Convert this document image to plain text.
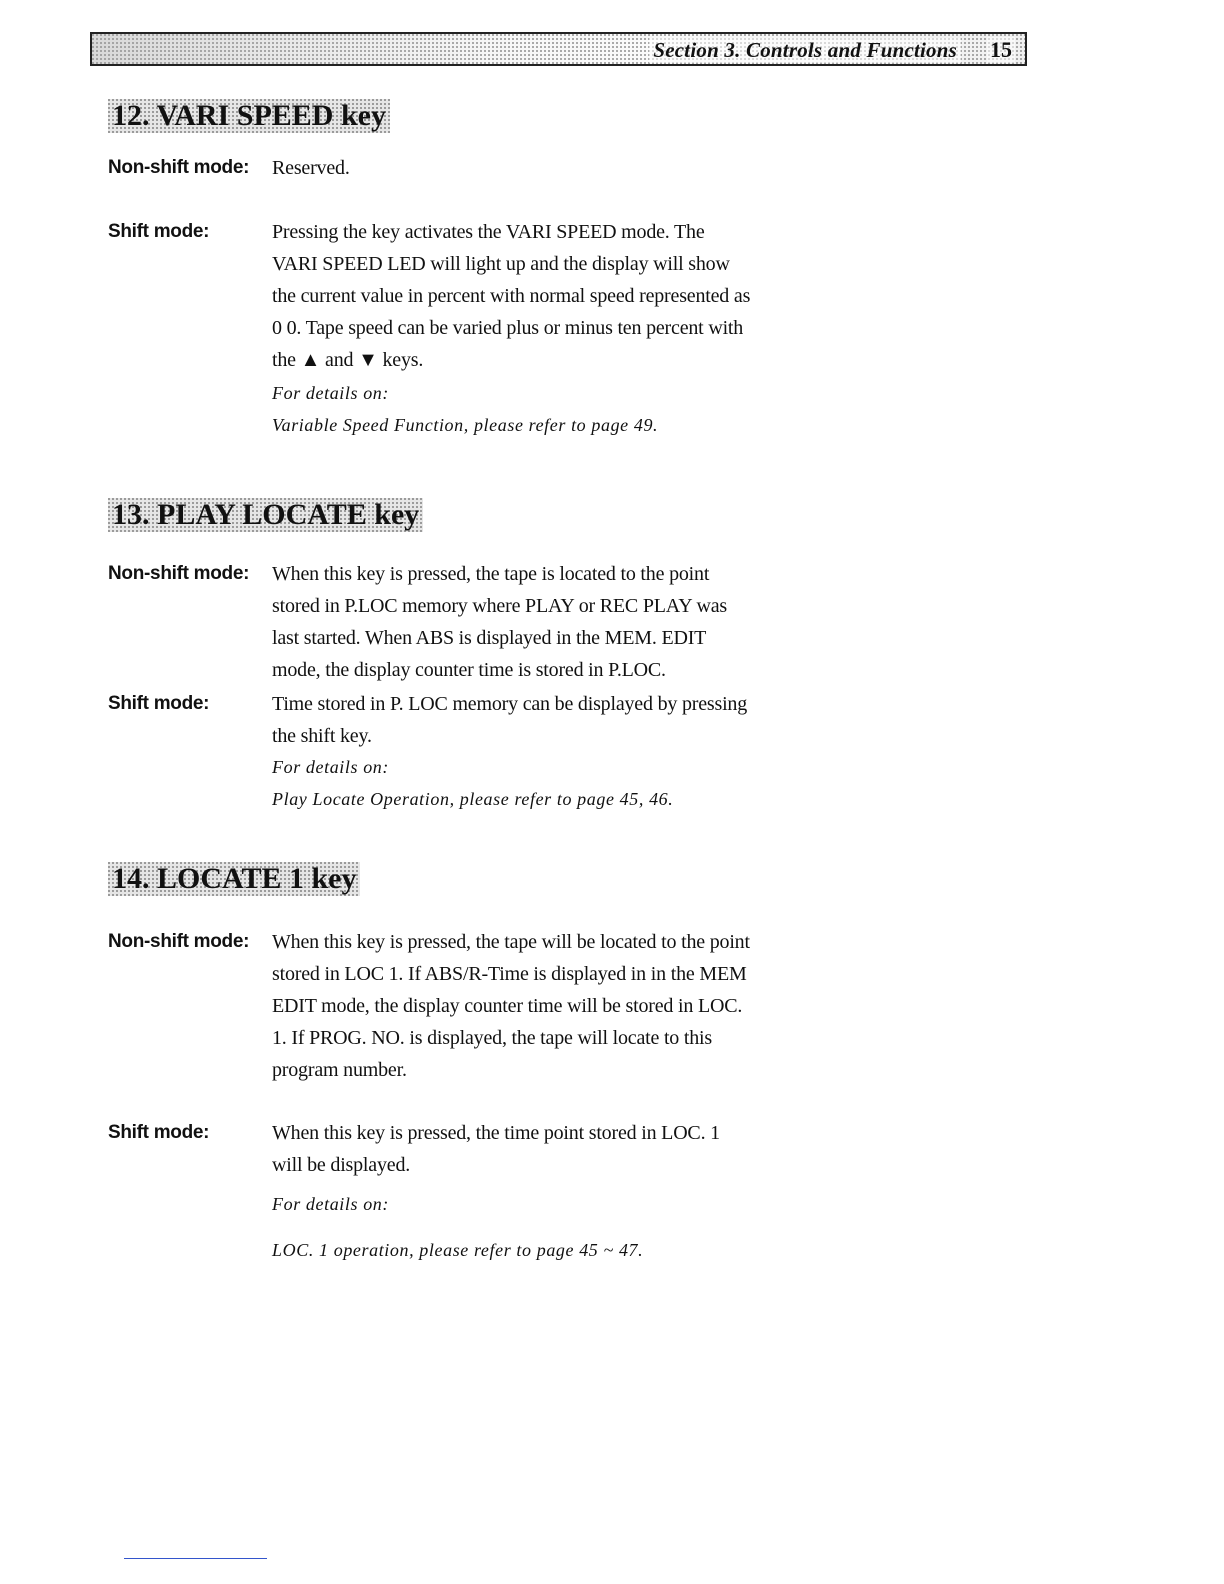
Section 3. Controls and Functions 15
12. VARI SPEED key
Non-shift mode: Reserved.

Shift mode:	Pressing the key activates the VARI SPEED mode. The VARI SPEED LED will light up and the display will show the current value in percent with normal speed represented as 0 0. Tape speed can be varied plus or minus ten percent with the ▲ and ▼ keys.

For details on:
Variable Speed Function, please refer to page 49.
13. PLAY LOCATE key
Non-shift mode: When this key is pressed, the tape is located to the point stored in P.LOC memory where PLAY or REC PLAY was last started. When ABS is displayed in the MEM. EDIT mode, the display counter time is stored in P.LOC.

Shift mode:	Time stored in P. LOC memory can be displayed by pressing the shift key.

For details on:
Play Locate Operation, please refer to page 45, 46.
14. LOCATE 1 key
Non-shift mode: When this key is pressed, the tape will be located to the point stored in LOC 1. If ABS/R-Time is displayed in in the MEM EDIT mode, the display counter time will be stored in LOC. 1. If PROG. NO. is displayed, the tape will locate to this program number.

Shift mode:	When this key is pressed, the time point stored in LOC. 1 will be displayed.

For details on:
LOC. 1 operation, please refer to page 45 ~ 47.
